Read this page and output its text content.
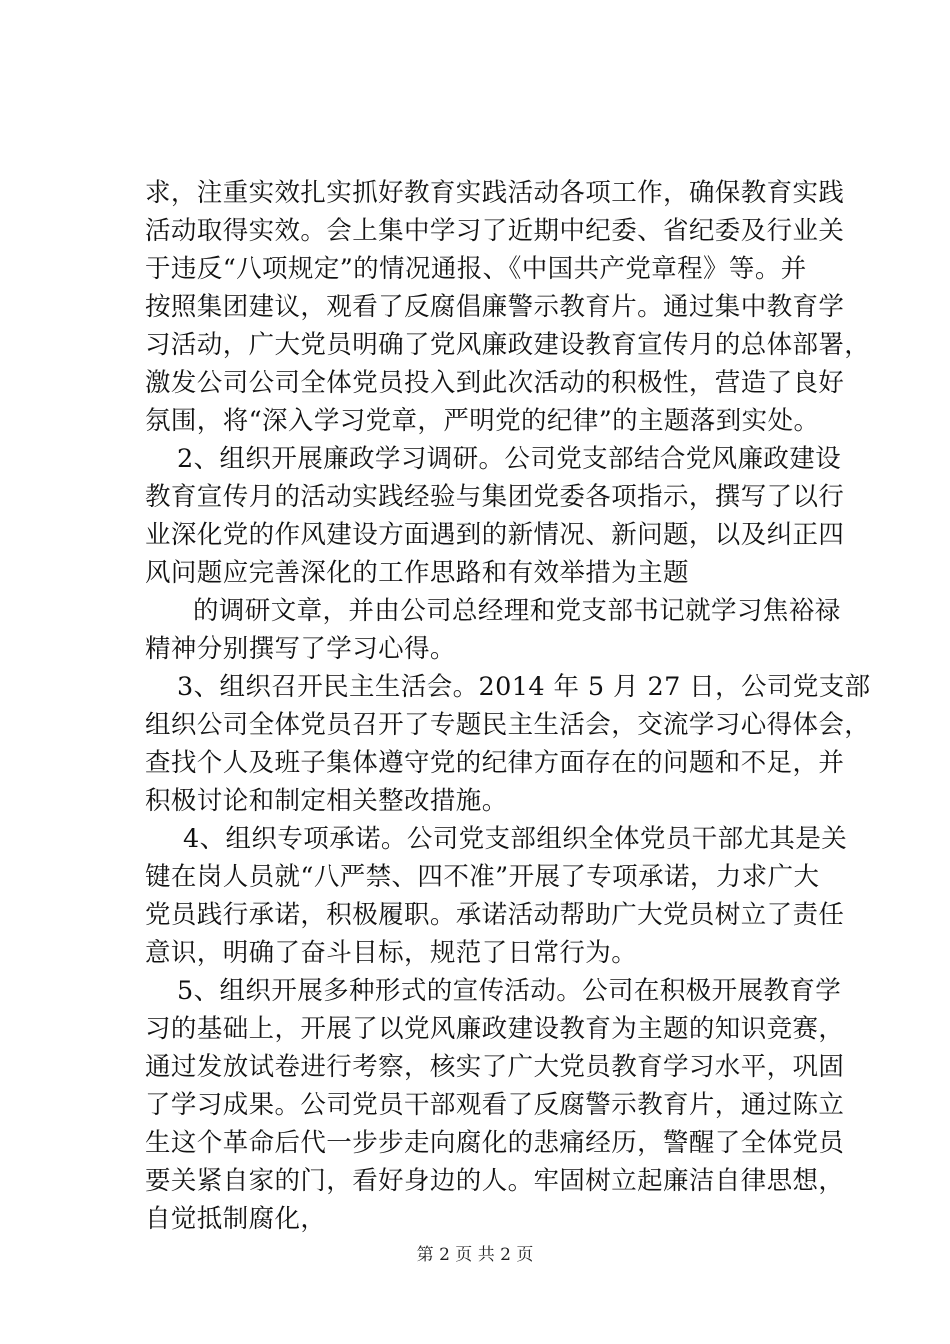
求，注重实效扎实抓好教育实践活动各项工作，确保教育实践
活动取得实效。会上集中学习了近期中纪委、省纪委及行业关
于违反“八项规定”的情况通报、《中国共产党章程》等。并
按照集团建议，观看了反腐倡廉警示教育片。通过集中教育学
习活动，广大党员明确了党风廉政建设教育宣传月的总体部署，
激发公司公司全体党员投入到此次活动的积极性，营造了良好
氛围，将“深入学习党章，严明党的纪律”的主题落到实处。
2、组织开展廉政学习调研。公司党支部结合党风廉政建设
教育宣传月的活动实践经验与集团党委各项指示，撰写了以行
业深化党的作风建设方面遇到的新情况、新问题，以及纠正四
风问题应完善深化的工作思路和有效举措为主题
的调研文章，并由公司总经理和党支部书记就学习焦裕禄
精神分别撰写了学习心得。
3、组织召开民主生活会。2014 年 5 月 27 日，公司党支部
组织公司全体党员召开了专题民主生活会，交流学习心得体会，
查找个人及班子集体遵守党的纪律方面存在的问题和不足，并
积极讨论和制定相关整改措施。
4、组织专项承诺。公司党支部组织全体党员干部尤其是关
键在岗人员就“八严禁、四不准”开展了专项承诺，力求广大
党员践行承诺，积极履职。承诺活动帮助广大党员树立了责任
意识，明确了奋斗目标，规范了日常行为。
5、组织开展多种形式的宣传活动。公司在积极开展教育学
习的基础上，开展了以党风廉政建设教育为主题的知识竞赛，
通过发放试卷进行考察，核实了广大党员教育学习水平，巩固
了学习成果。公司党员干部观看了反腐警示教育片，通过陈立
生这个革命后代一步步走向腐化的悲痛经历，警醒了全体党员
要关紧自家的门，看好身边的人。牢固树立起廉洁自律思想，
自觉抵制腐化，
第 2 页 共 2 页
